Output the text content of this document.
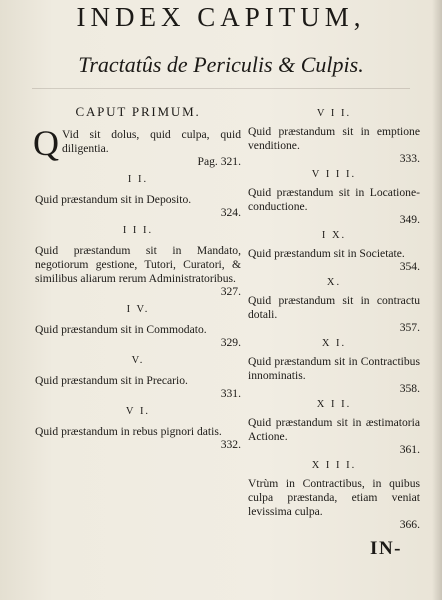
INDEX CAPITUM,
Tractatûs de Periculis & Culpis.
CAPUT PRIMUM.
Q Vid sit dolus, quid culpa, quid diligentia.
Pag. 321.
I I.
Quid præstandum sit in Deposito.
324.
I I I.
Quid præstandum sit in Mandato, negotiorum gestione, Tutori, Curatori, & similibus aliarum rerum Administratoribus.
327.
I V.
Quid præstandum sit in Commodato.
329.
V.
Quid præstandum sit in Precario.
331.
V I.
Quid præstandum in rebus pignori datis.
332.
V I I.
Quid præstandum sit in emptione venditione.
333.
V I I I.
Quid præstandum sit in Locatione-conductione.
349.
I X.
Quid præstandum sit in Societate.
354.
X.
Quid præstandum sit in contractu dotali.
357.
X I.
Quid præstandum sit in Contractibus innominatis.
358.
X I I.
Quid præstandum sit in æstimatoria Actione.
361.
X I I I.
Vtrùm in Contractibus, in quibus culpa præstanda, etiam veniat levissima culpa.
366.
IN-
